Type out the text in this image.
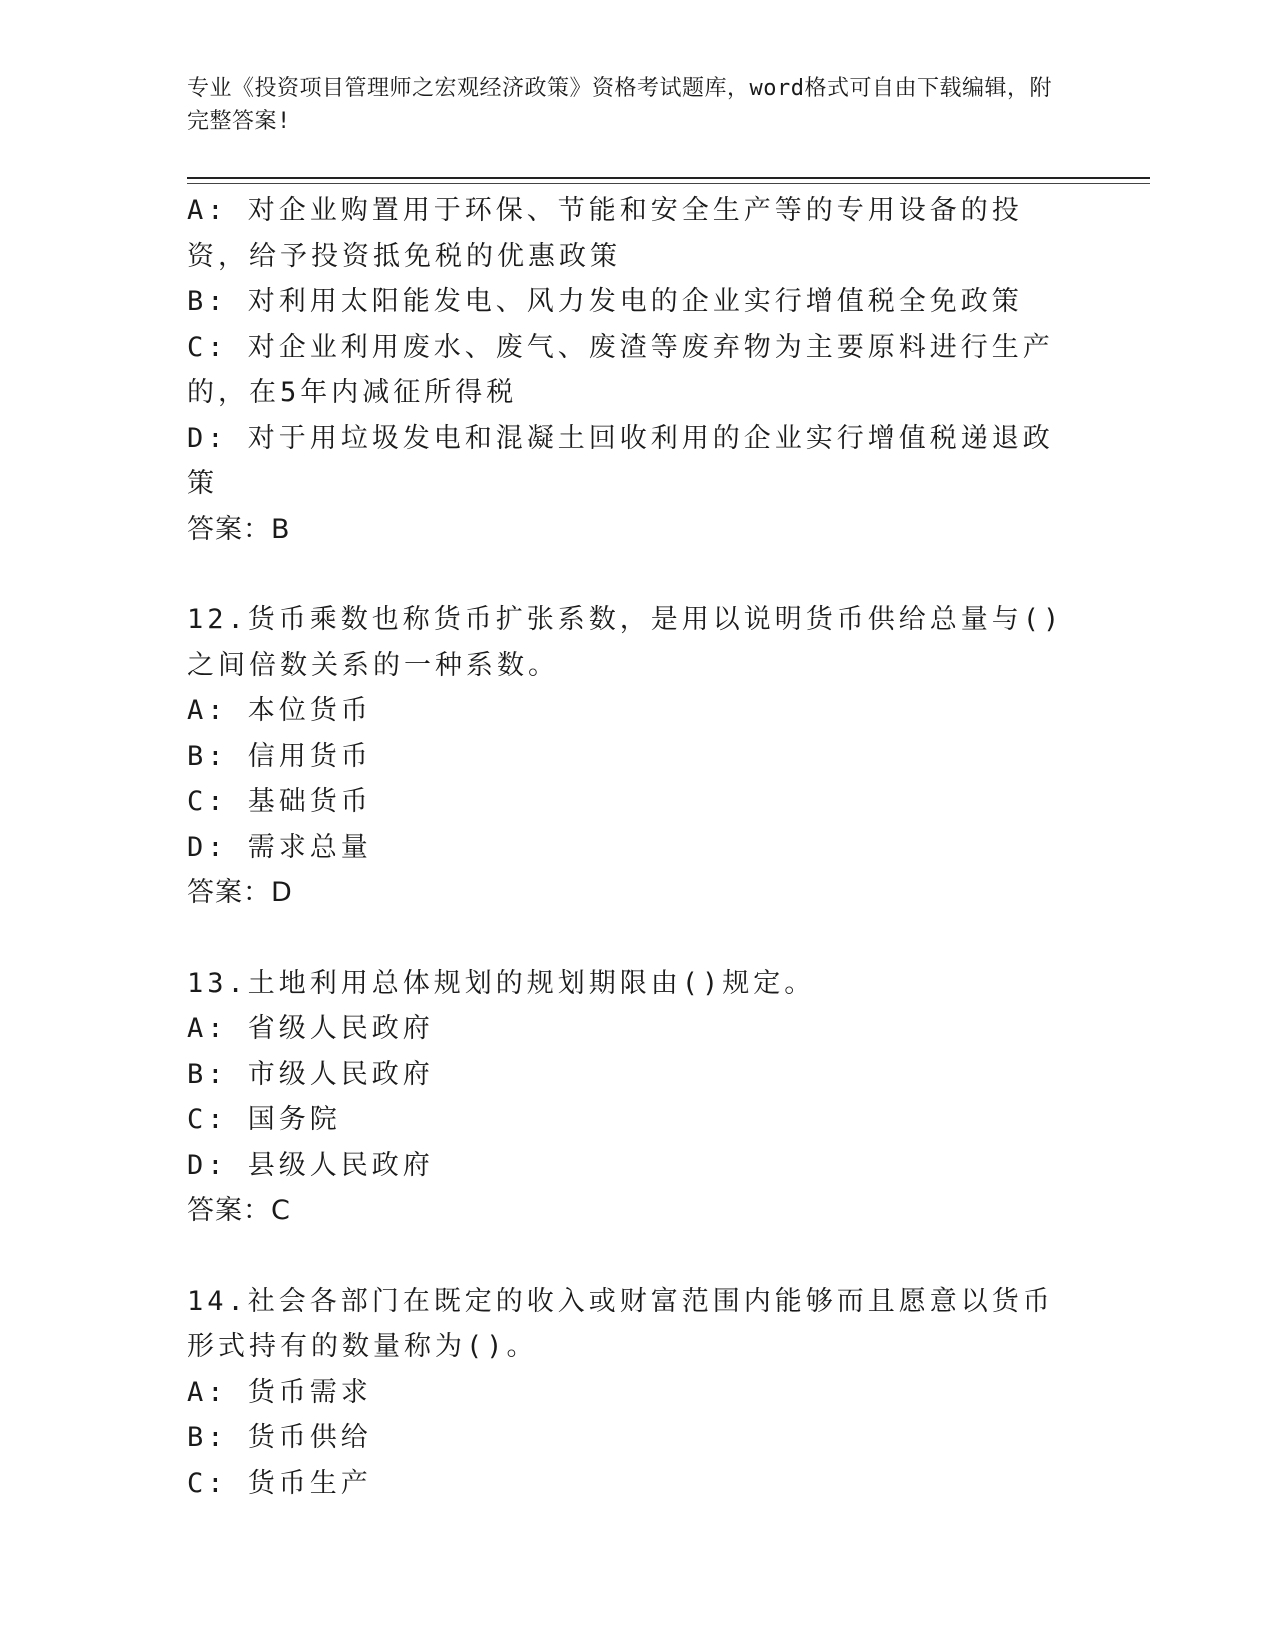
专业《投资项目管理师之宏观经济政策》资格考试题库，word格式可自由下载编辑，附完整答案!
A: 对企业购置用于环保、节能和安全生产等的专用设备的投资，给予投资抵免税的优惠政策
B: 对利用太阳能发电、风力发电的企业实行增值税全免政策
C: 对企业利用废水、废气、废渣等废弃物为主要原料进行生产的，在5年内减征所得税
D: 对于用垃圾发电和混凝土回收利用的企业实行增值税递退政策
答案：B
12.货币乘数也称货币扩张系数，是用以说明货币供给总量与()之间倍数关系的一种系数。
A: 本位货币
B: 信用货币
C: 基础货币
D: 需求总量
答案：D
13.土地利用总体规划的规划期限由()规定。
A: 省级人民政府
B: 市级人民政府
C: 国务院
D: 县级人民政府
答案：C
14.社会各部门在既定的收入或财富范围内能够而且愿意以货币形式持有的数量称为()。
A: 货币需求
B: 货币供给
C: 货币生产
